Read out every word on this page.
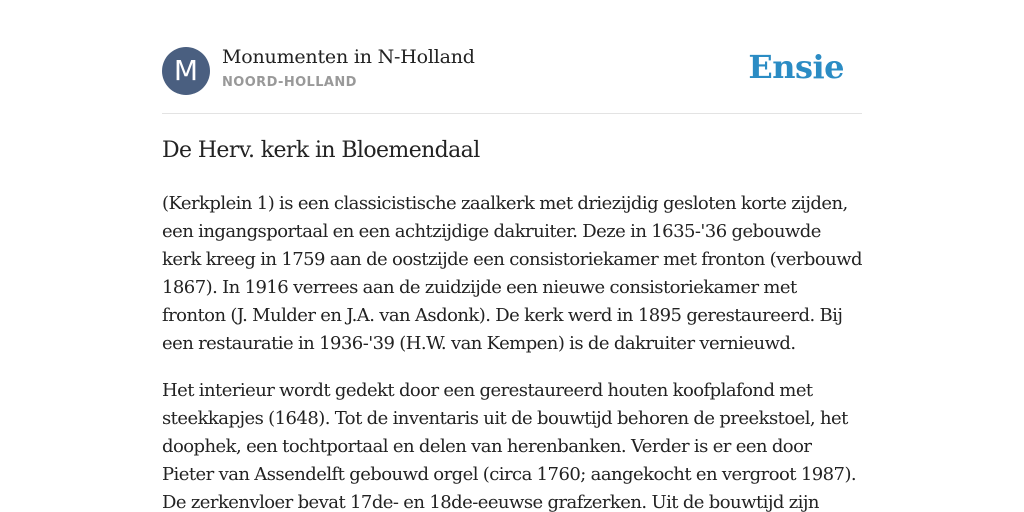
M	Monumenten in N-Holland
NOORD-HOLLAND	Ensie
De Herv. kerk in Bloemendaal

(Kerkplein 1) is een classicistische zaalkerk met driezijdig gesloten korte zijden, een ingangsportaal en een achtzijdige dakruiter. Deze in 1635-'36 gebouwde kerk kreeg in 1759 aan de oostzijde een consistoriekamer met fronton (verbouwd 1867). In 1916 verrees aan de zuidzijde een nieuwe consistoriekamer met fronton (J. Mulder en J.A. van Asdonk). De kerk werd in 1895 gerestaureerd. Bij een restauratie in 1936-'39 (H.W. van Kempen) is de dakruiter vernieuwd.

Het interieur wordt gedekt door een gerestaureerd houten koofplafond met steekkapjes (1648). Tot de inventaris uit de bouwtijd behoren de preekstoel, het doophek, een tochtportaal en delen van herenbanken. Verder is er een door Pieter van Assendelft gebouwd orgel (circa 1760; aangekocht en vergroot 1987). De zerkenvloer bevat 17de- en 18de-eeuwse grafzerken. Uit de bouwtijd zijn
